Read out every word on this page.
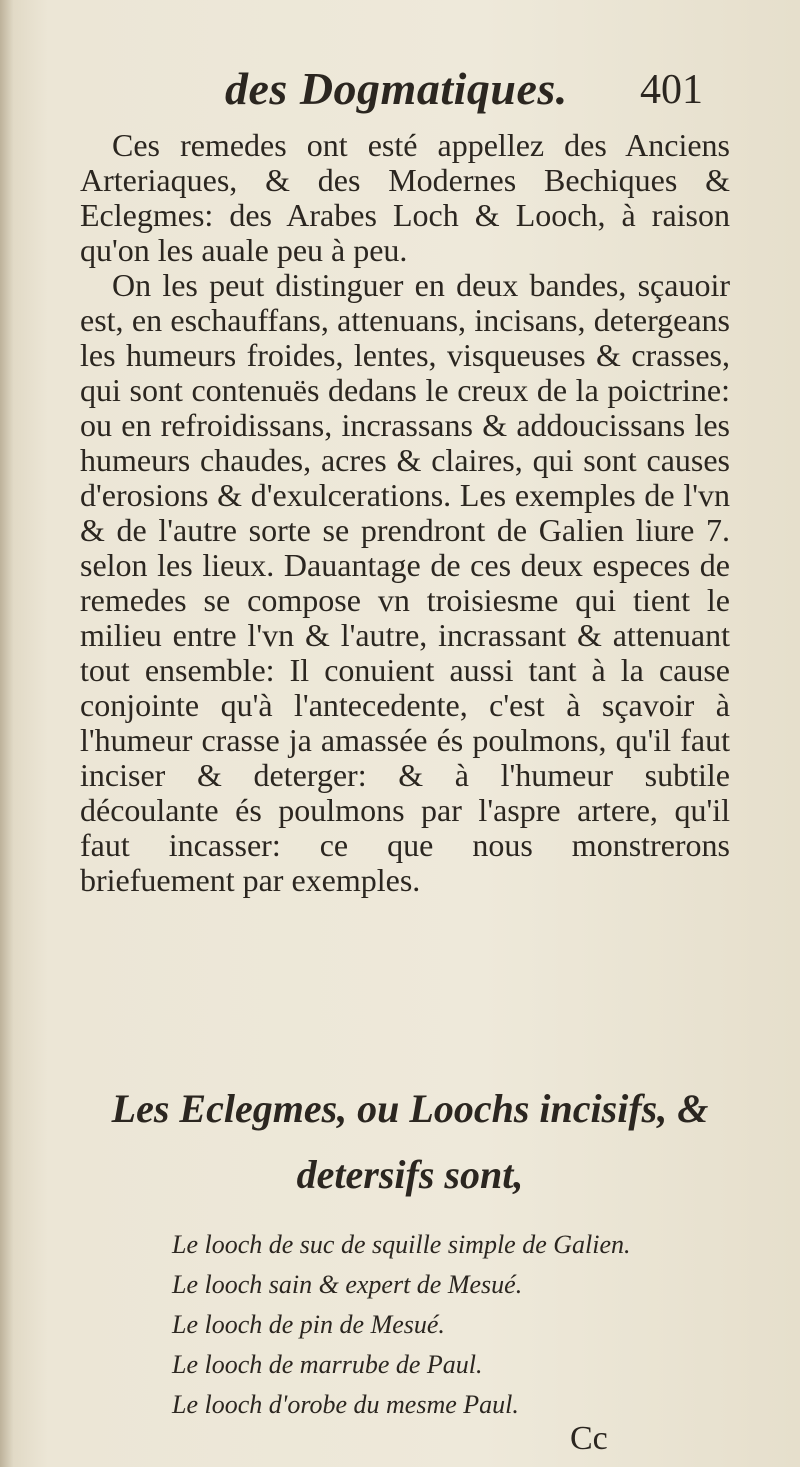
des Dogmatiques. 401

Ces remedes ont esté appellez des Anciens Arteriaques, & des Modernes Bechiques & Eclegmes: des Arabes Loch & Looch, à raison qu'on les auale peu à peu.

On les peut distinguer en deux bandes, sçauoir est, en eschauffans, attenuans, incisans, detergeans les humeurs froides, lentes, visqueuses & crasses, qui sont contenuës dedans le creux de la poictrine: ou en refroidissans, incrassans & addoucissans les humeurs chaudes, acres & claires, qui sont causes d'erosions & d'exulcerations. Les exemples de l'vn & de l'autre sorte se prendront de Galien liure 7. selon les lieux. Dauantage de ces deux especes de remedes se compose vn troisiesme qui tient le milieu entre l'vn & l'autre, incrassant & attenuant tout ensemble: Il conuient aussi tant à la cause conjointe qu'à l'antecedente, c'est à sçavoir à l'humeur crasse ja amassée és poulmons, qu'il faut inciser & deterger: & à l'humeur subtile découlante és poulmons par l'aspre artere, qu'il faut incasser: ce que nous monstrerons briefuement par exemples.

Les Eclegmes, ou Loochs incisifs, & detersifs sont,
Le looch de suc de squille simple de Galien.
Le looch sain & expert de Mesué.
Le looch de pin de Mesué.
Le looch de marrube de Paul.
Le looch d'orobe du mesme Paul.
Cc
